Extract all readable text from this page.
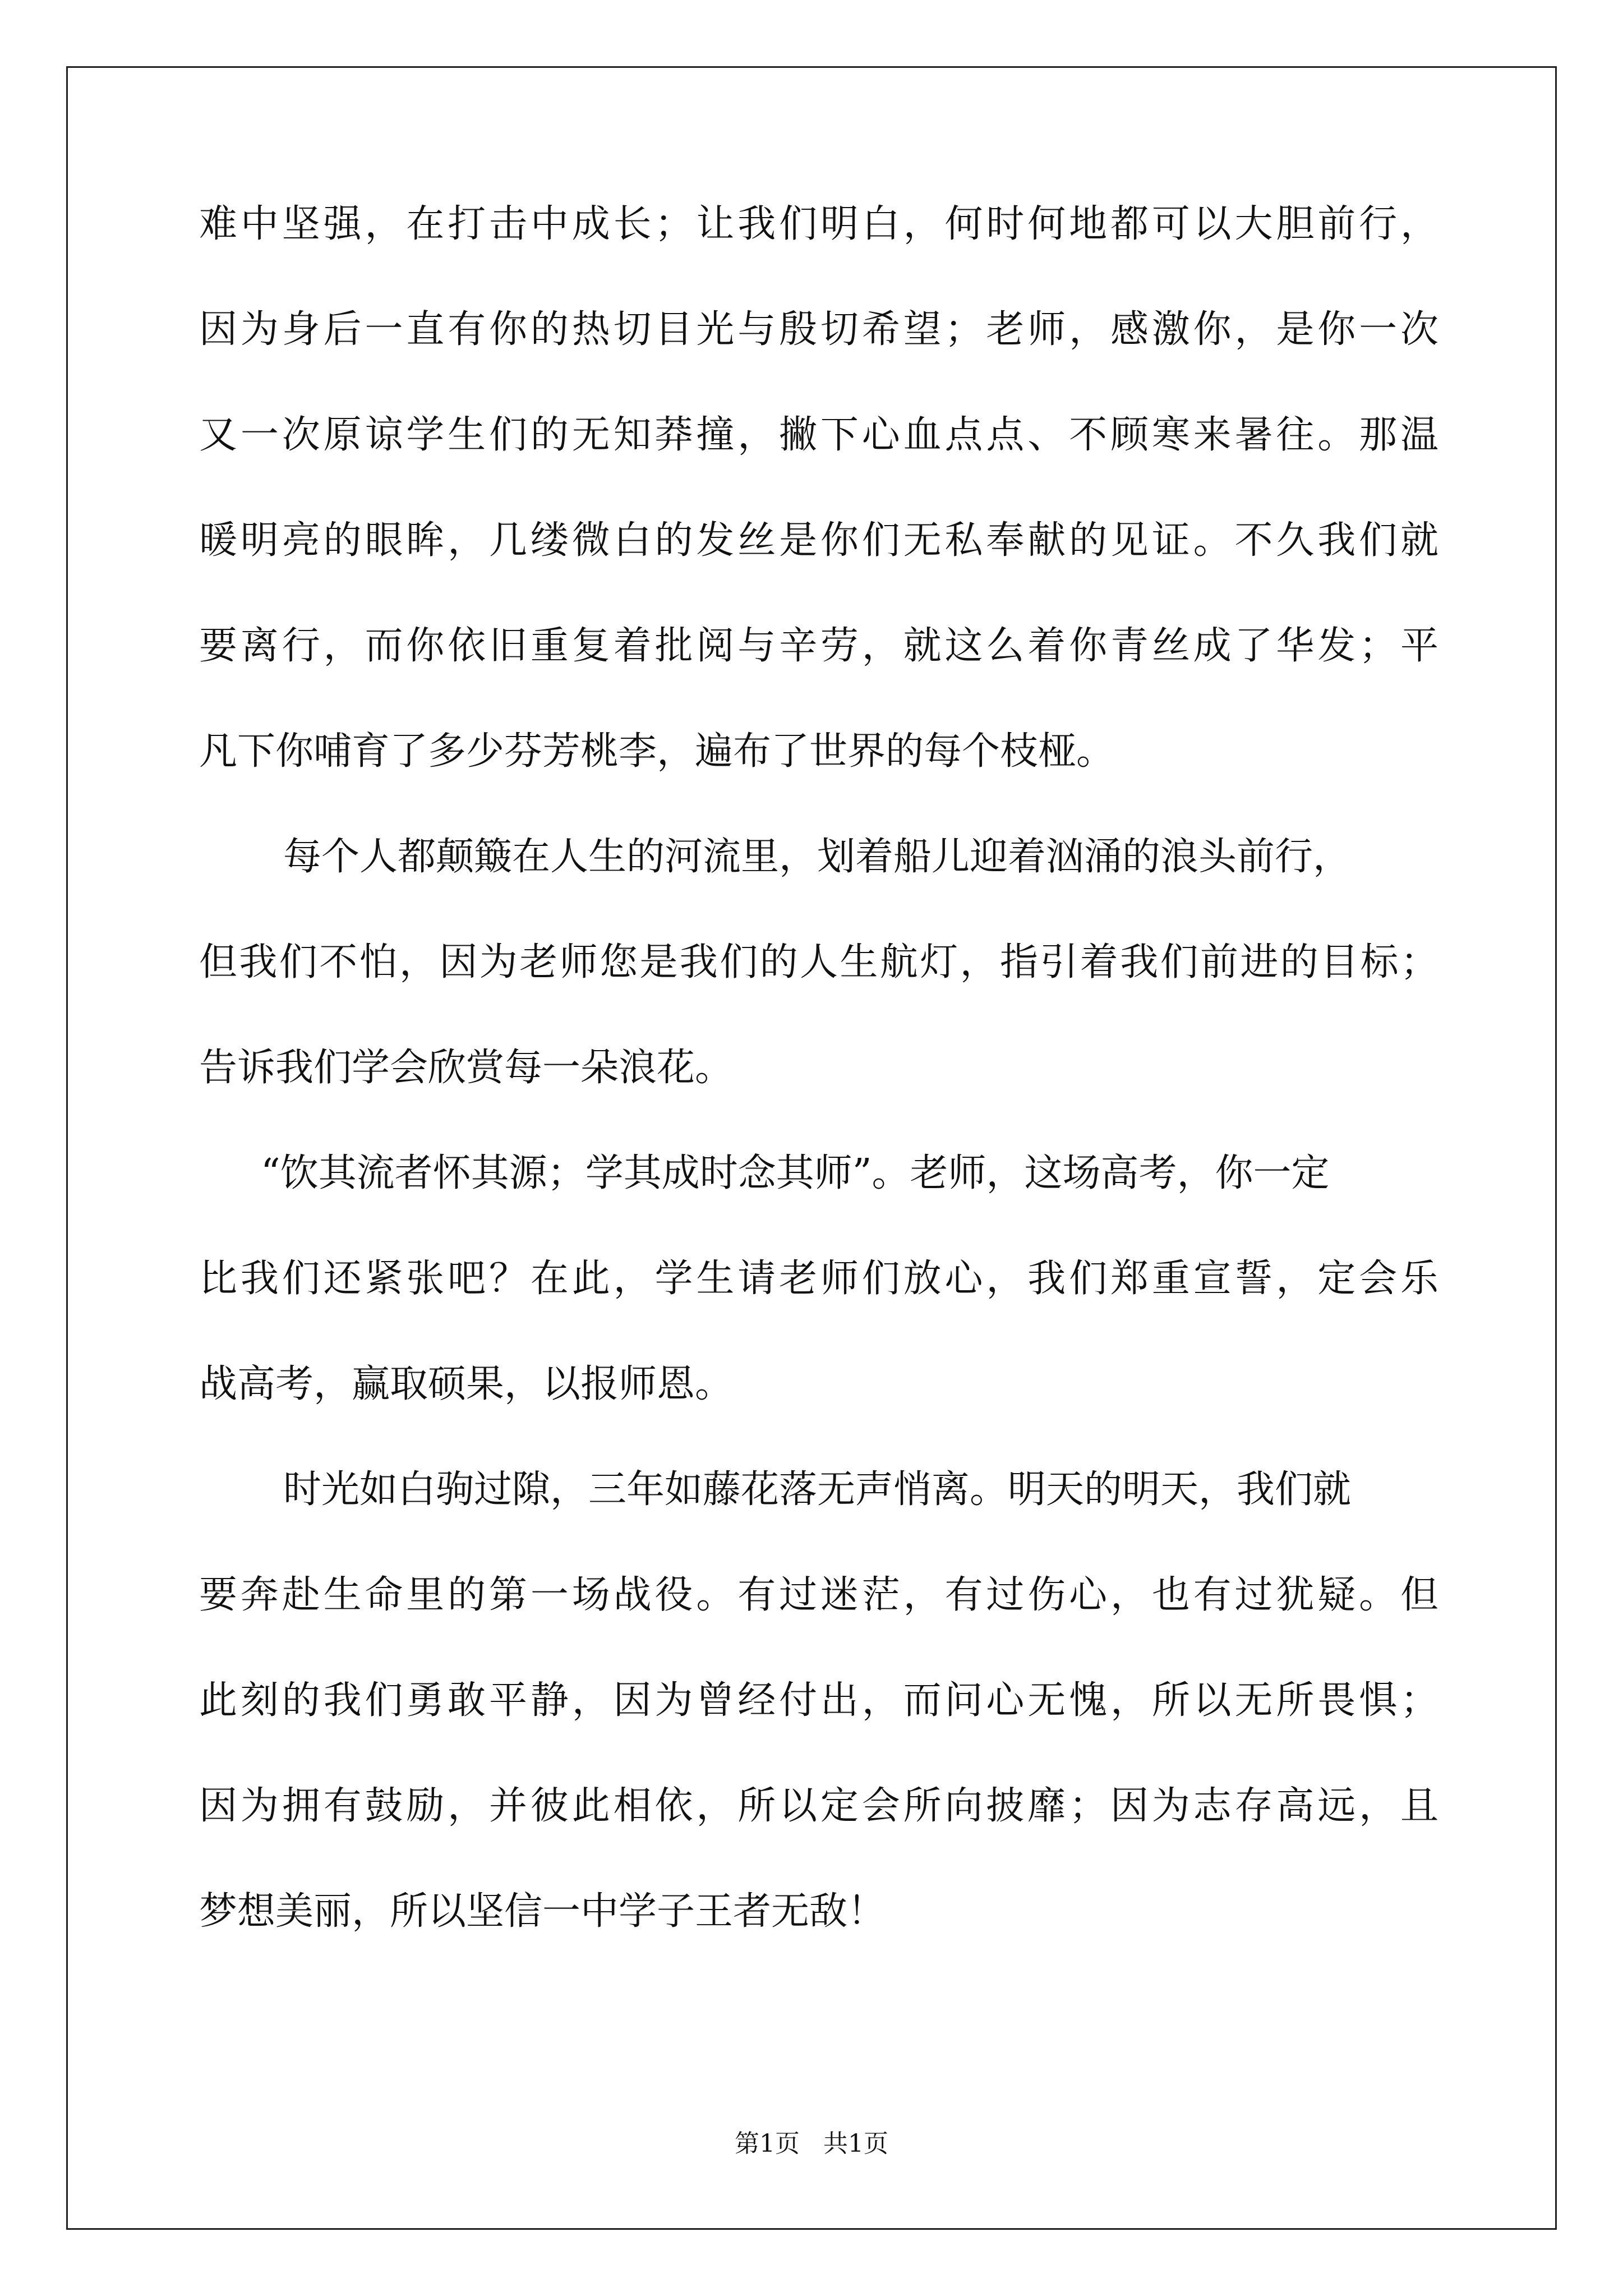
难中坚强，在打击中成长；让我们明白，何时何地都可以大胆前行，
因为身后一直有你的热切目光与殷切希望；老师，感激你，是你一次
又一次原谅学生们的无知莽撞，撇下心血点点、不顾寒来暑往。那温
暖明亮的眼眸，几缕微白的发丝是你们无私奉献的见证。不久我们就
要离行，而你依旧重复着批阅与辛劳，就这么着你青丝成了华发；平
凡下你哺育了多少芬芳桃李，遍布了世界的每个枝桠。
每个人都颠簸在人生的河流里，划着船儿迎着汹涌的浪头前行，
但我们不怕，因为老师您是我们的人生航灯，指引着我们前进的目标；
告诉我们学会欣赏每一朵浪花。
“饮其流者怀其源；学其成时念其师”。老师，这场高考，你一定
比我们还紧张吧？在此，学生请老师们放心，我们郑重宣誓，定会乐
战高考，赢取硕果，以报师恩。
时光如白驹过隙，三年如藤花落无声悄离。明天的明天，我们就
要奔赴生命里的第一场战役。有过迷茫，有过伤心，也有过犹疑。但
此刻的我们勇敢平静，因为曾经付出，而问心无愧，所以无所畏惧；
因为拥有鼓励，并彼此相依，所以定会所向披靡；因为志存高远，且
梦想美丽，所以坚信一中学子王者无敌！
第1页   共1页
